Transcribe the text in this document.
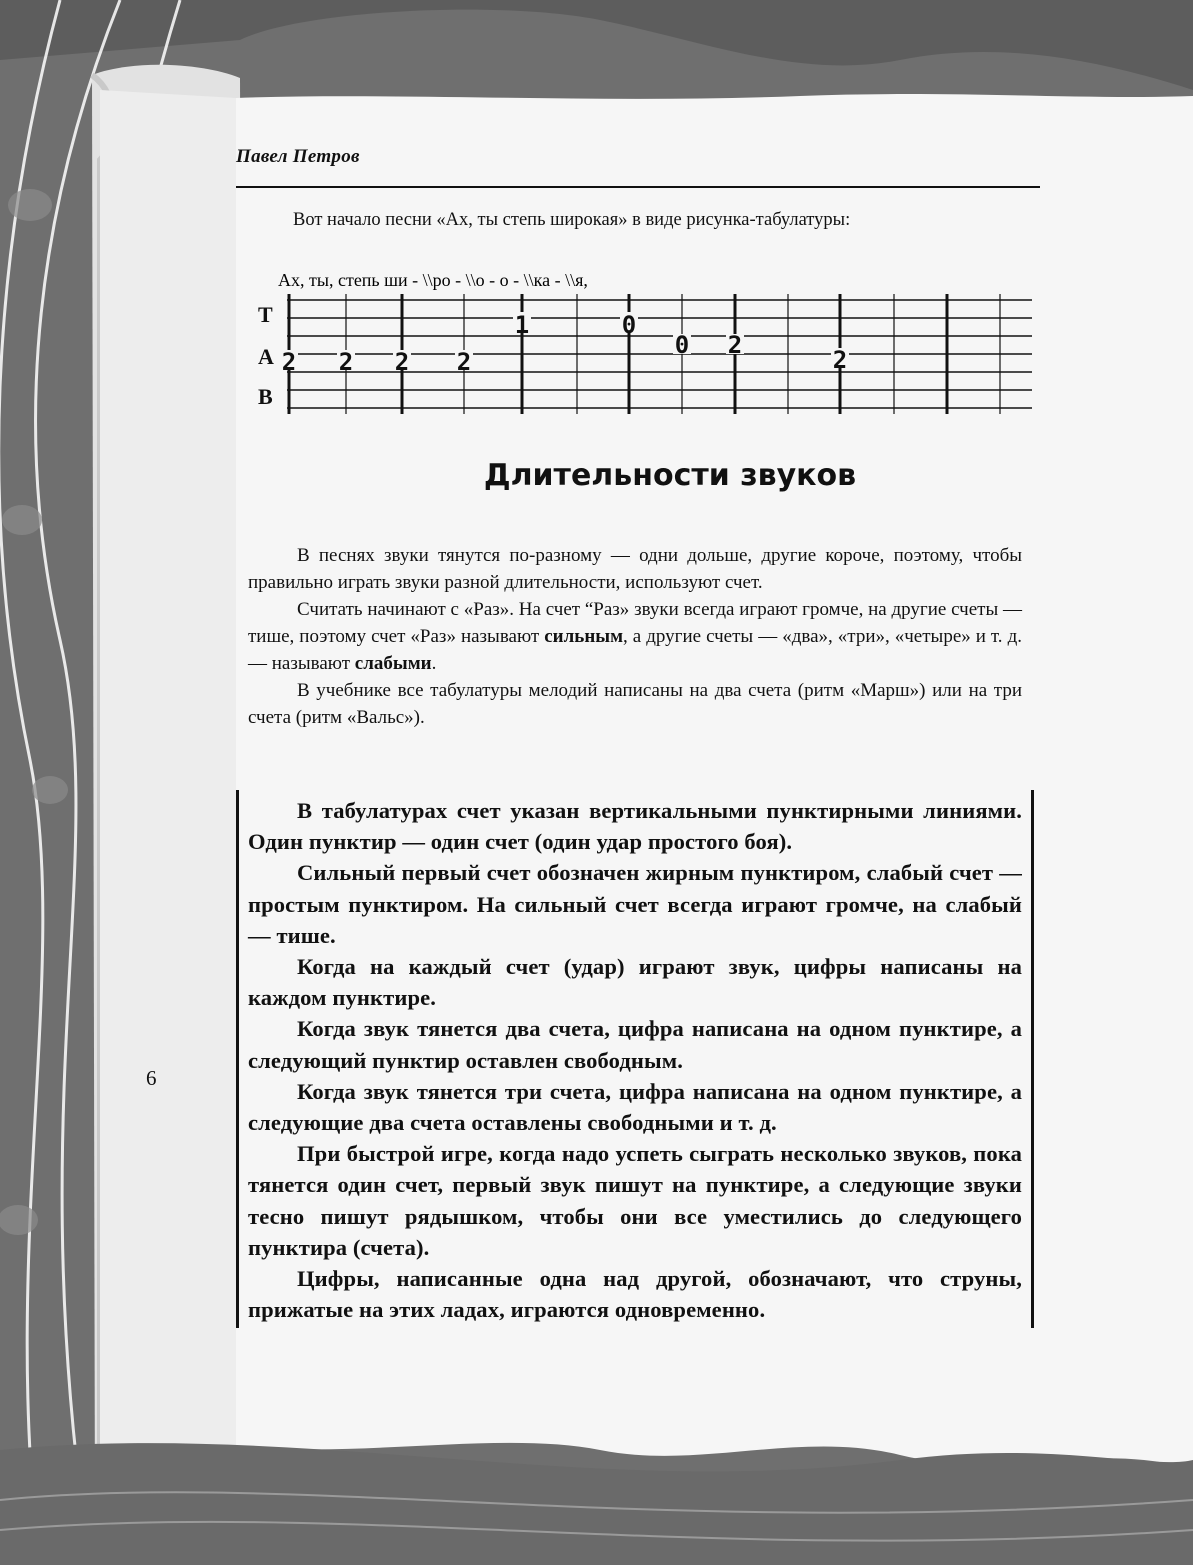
Павел Петров
Вот начало песни «Ах, ты степь широкая» в виде рисунка-табулатуры:
Ах, ты, степь ши - \\ро - \\о - о - \\ка - \\я,
Т
А
В
2 2 2 2
1	0
0 2
2
Длительности звуков

В песнях звуки тянутся по-разному — одни дольше, другие короче, поэтому, чтобы правильно играть звуки разной длительности, используют счет.

Считать начинают с «Раз». На счет “Раз» звуки всегда играют громче, на другие счеты — тише, поэтому счет «Раз» называют сильным, а другие счеты — «два», «три», «четыре» и т. д. — называют слабыми.

В учебнике все табулатуры мелодий написаны на два счета (ритм «Марш») или на три счета (ритм «Вальс»).

В табулатурах счет указан вертикальными пунктирными линиями. Один пунктир — один счет (один удар простого боя).

Сильный первый счет обозначен жирным пунктиром, слабый счет — простым пунктиром. На сильный счет всегда играют громче, на слабый — тише.

Когда на каждый счет (удар) играют звук, цифры написаны на каждом пунктире.

Когда звук тянется два счета, цифра написана на одном пунктире, а следующий пунктир оставлен свободным.

Когда звук тянется три счета, цифра написана на одном пунктире, а следующие два счета оставлены свободными и т. д.

При быстрой игре, когда надо успеть сыграть несколько звуков, пока тянется один счет, первый звук пишут на пунктире, а следующие звуки тесно пишут рядышком, чтобы они все уместились до следующего пунктира (счета).

Цифры, написанные одна над другой, обозначают, что струны, прижатые на этих ладах, играются одновременно.

6
